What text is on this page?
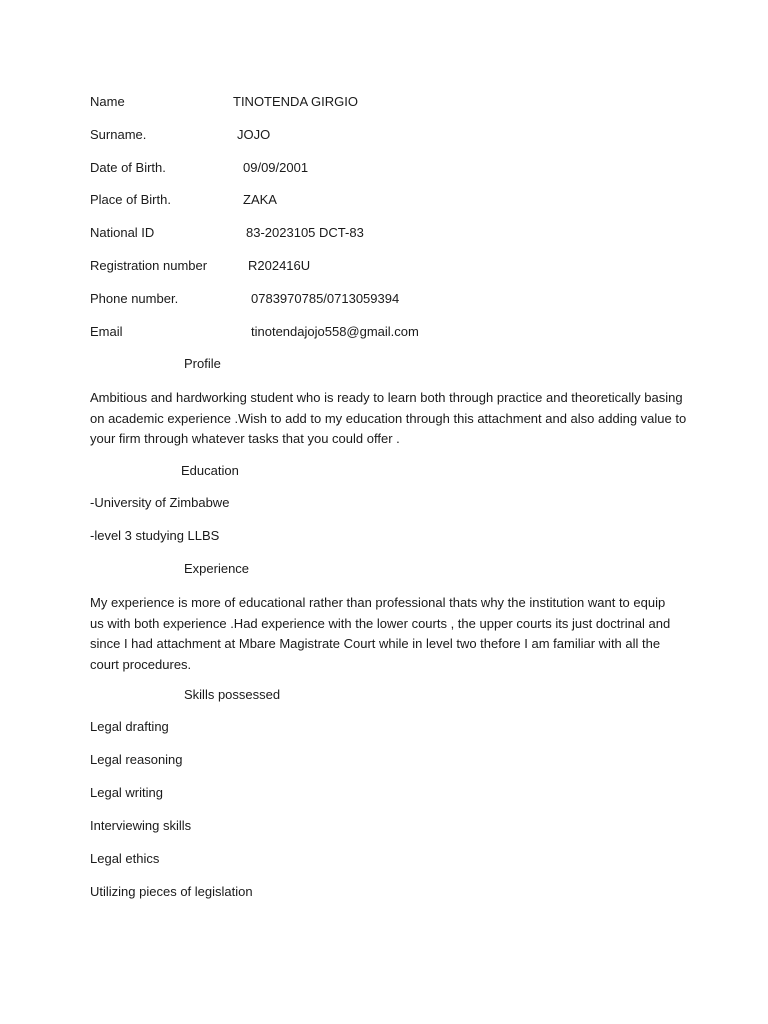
Name	TINOTENDA GIRGIO
Surname.	JOJO
Date of Birth.	09/09/2001
Place of Birth.	ZAKA
National ID	83-2023105 DCT-83
Registration number	R202416U
Phone number.	0783970785/0713059394
Email	tinotendajojo558@gmail.com
Profile
Ambitious and hardworking student who is ready to learn both through practice and theoretically basing
on academic experience .Wish to add to my education through this attachment and also adding value to
your firm through whatever tasks that you could offer .
Education
-University of Zimbabwe
-level 3 studying LLBS
Experience
My experience is more of educational rather than professional thats why the institution want to equip
us with both experience .Had experience with the lower courts , the upper courts its just doctrinal and
since I had attachment at Mbare Magistrate Court while in level two thefore I am familiar with all the
court procedures.
Skills possessed
Legal drafting
Legal reasoning
Legal writing
Interviewing skills
Legal ethics
Utilizing pieces of legislation
